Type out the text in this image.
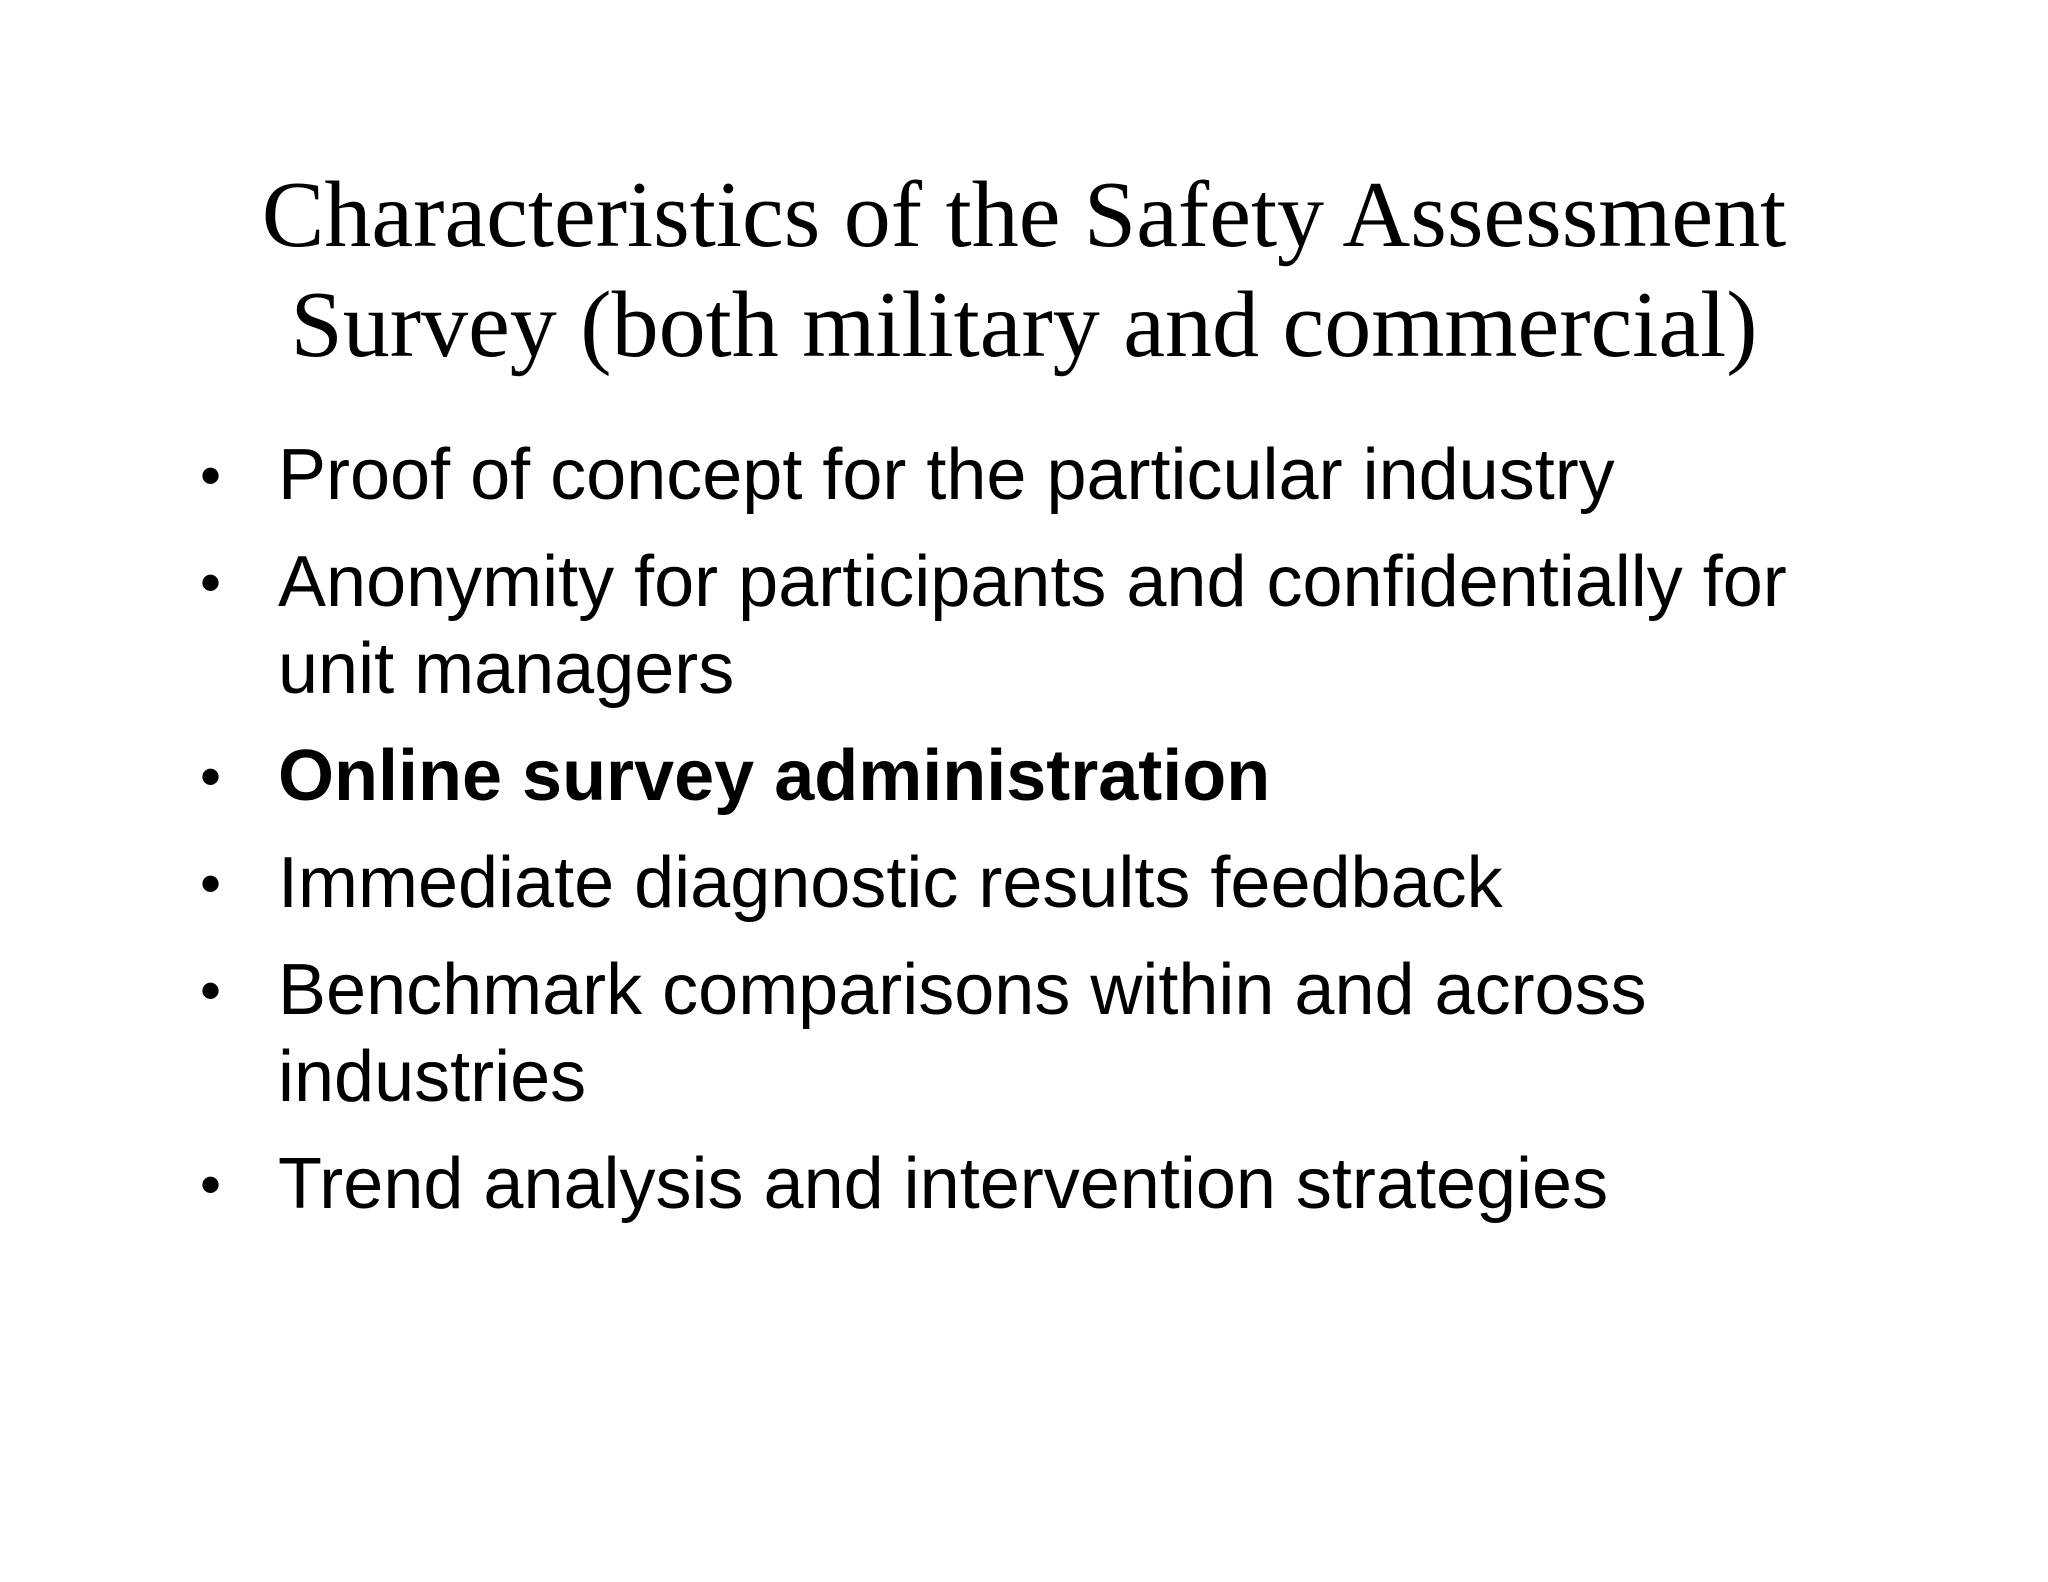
Characteristics of the Safety Assessment
Survey (both military and commercial)
• Proof of concept for the particular industry
• Anonymity for participants and confidentially for unit managers
• Online survey administration
• Immediate diagnostic results feedback
• Benchmark comparisons within and across industries
• Trend analysis and intervention strategies
